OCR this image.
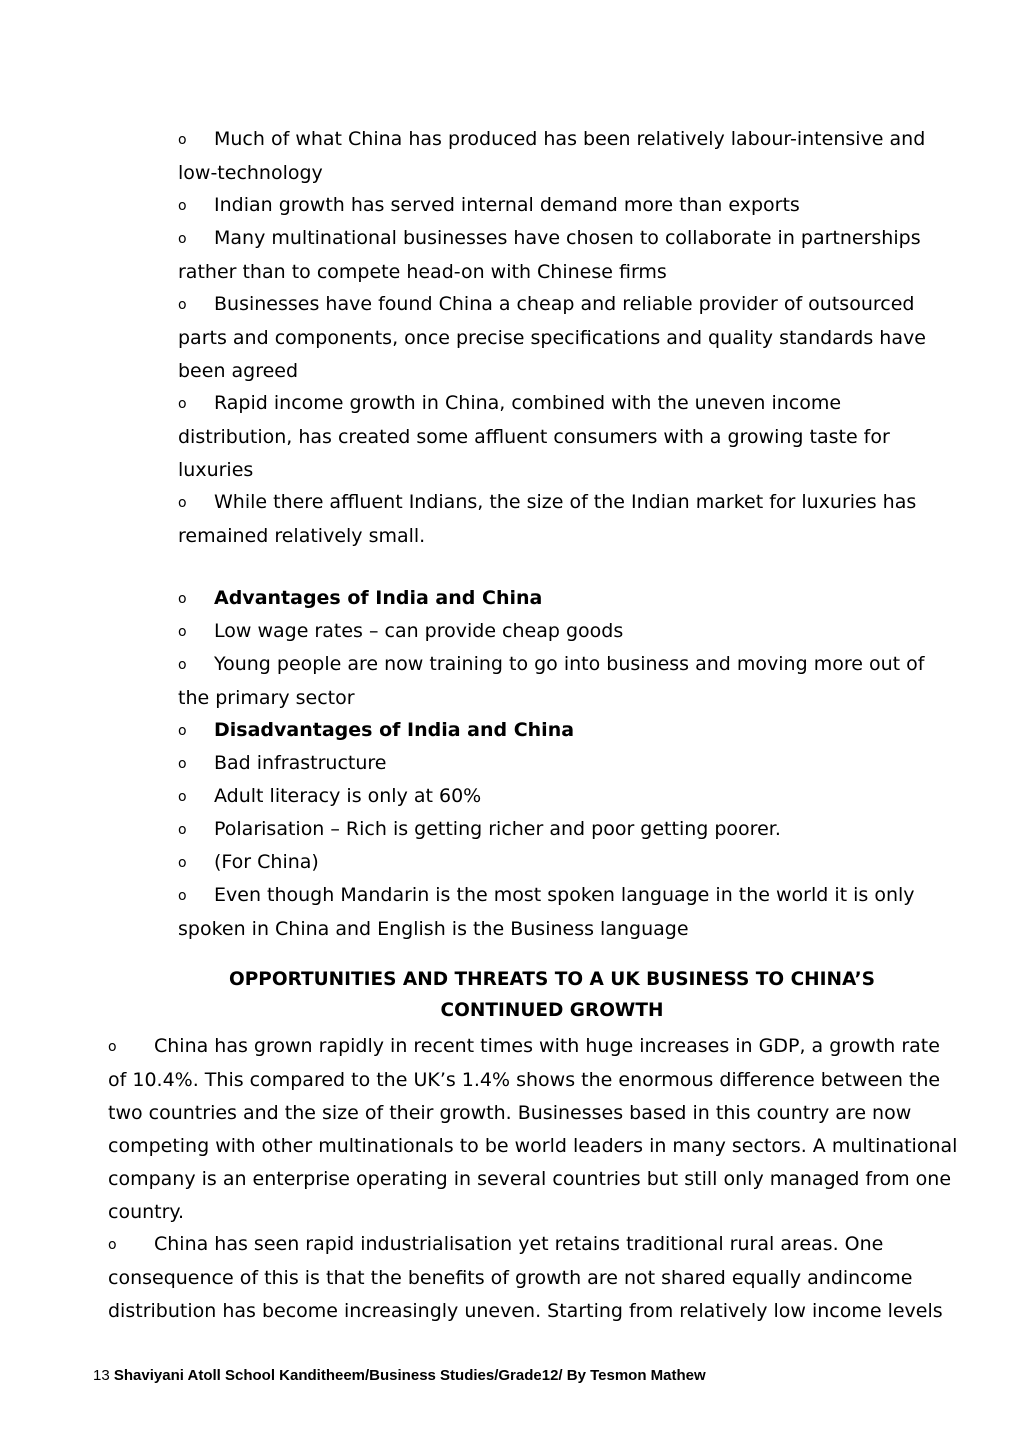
o Much of what China has produced has been relatively labour-intensive and low-technology

o Indian growth has served internal demand more than exports

o Many multinational businesses have chosen to collaborate in partnerships rather than to compete head-on with Chinese firms

o Businesses have found China a cheap and reliable provider of outsourced parts and components, once precise specifications and quality standards have been agreed

o Rapid income growth in China, combined with the uneven income distribution, has created some affluent consumers with a growing taste for luxuries

o While there affluent Indians, the size of the Indian market for luxuries has remained relatively small.

o Advantages of India and China

o Low wage rates – can provide cheap goods

o Young people are now training to go into business and moving more out of the primary sector

o Disadvantages of India and China

o Bad infrastructure

o Adult literacy is only at 60%

o Polarisation – Rich is getting richer and poor getting poorer.

o (For China)

o Even though Mandarin is the most spoken language in the world it is only spoken in China and English is the Business language

OPPORTUNITIES AND THREATS TO A UK BUSINESS TO CHINA’S
CONTINUED GROWTH

o China has grown rapidly in recent times with huge increases in GDP, a growth rate of 10.4%. This compared to the UK’s 1.4% shows the enormous difference between the two countries and the size of their growth. Businesses based in this country are now competing with other multinationals to be world leaders in many sectors. A multinational company is an enterprise operating in several countries but still only managed from one country.

o China has seen rapid industrialisation yet retains traditional rural areas. One consequence of this is that the benefits of growth are not shared equally andincome distribution has become increasingly uneven. Starting from relatively low income levels

13 Shaviyani Atoll School Kanditheem/Business Studies/Grade12/ By Tesmon Mathew
